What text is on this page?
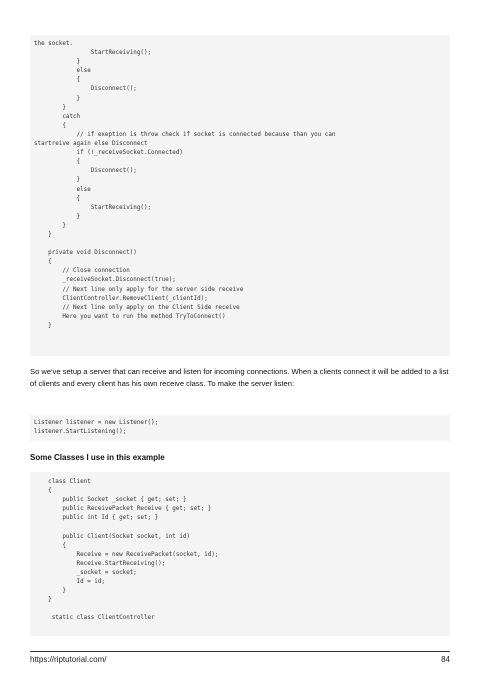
the socket.
StartReceiving();
}
else
{
Disconnect();
}
}
catch
{
// if exeption is throw check if socket is connected because than you can
startreive again else Disconnect
if (!_receiveSocket.Connected)
{
Disconnect();
}
else
{
StartReceiving();
}
}
}

private void Disconnect()
{
// Close connection
_receiveSocket.Disconnect(true);
// Next line only apply for the server side receive
ClientController.RemoveClient(_clientId);
// Next line only apply on the Client Side receive
Here you want to run the method TryToConnect()
}

So we've setup a server that can receive and listen for incoming connections. When a clients connect it will be added to a list of clients and every client has his own receive class. To make the server listen:

Listener listener = new Listener();
listener.StartListening();

Some Classes I use in this example

class Client
{
public Socket _socket { get; set; }
public ReceivePacket Receive { get; set; }
public int Id { get; set; }

public Client(Socket socket, int id)
{
Receive = new ReceivePacket(socket, id);
Receive.StartReceiving();
_socket = socket;
Id = id;
}
}

static class ClientController
https://riptutorial.com/	84
